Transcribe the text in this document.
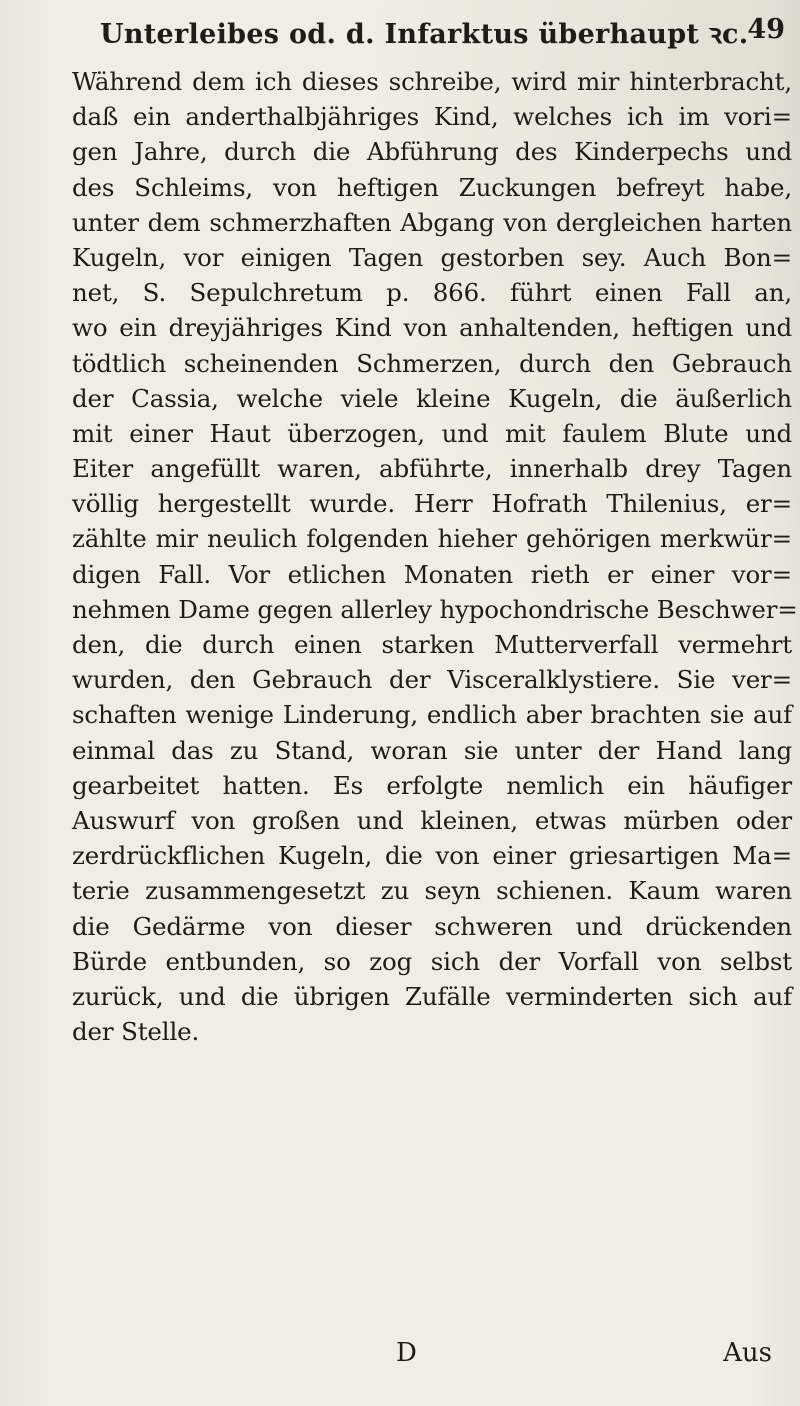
Unterleibes od. d. Infarktus überhaupt ꝛc.
49
Während dem ich dieses schreibe, wird mir hinterbracht,
daß ein anderthalbjähriges Kind, welches ich im vori=
gen Jahre, durch die Abführung des Kinderpechs und
des Schleims, von heftigen Zuckungen befreyt habe,
unter dem schmerzhaften Abgang von dergleichen harten
Kugeln, vor einigen Tagen gestorben sey. Auch Bon=
net, S. Sepulchretum p. 866. führt einen Fall an,
wo ein dreyjähriges Kind von anhaltenden, heftigen und
tödtlich scheinenden Schmerzen, durch den Gebrauch
der Cassia, welche viele kleine Kugeln, die äußerlich
mit einer Haut überzogen, und mit faulem Blute und
Eiter angefüllt waren, abführte, innerhalb drey Tagen
völlig hergestellt wurde. Herr Hofrath Thilenius, er=
zählte mir neulich folgenden hieher gehörigen merkwür=
digen Fall. Vor etlichen Monaten rieth er einer vor=
nehmen Dame gegen allerley hypochondrische Beschwer=
den, die durch einen starken Mutterverfall vermehrt
wurden, den Gebrauch der Visceralklystiere. Sie ver=
schaften wenige Linderung, endlich aber brachten sie auf
einmal das zu Stand, woran sie unter der Hand lang
gearbeitet hatten. Es erfolgte nemlich ein häufiger
Auswurf von großen und kleinen, etwas mürben oder
zerdrückflichen Kugeln, die von einer griesartigen Ma=
terie zusammengesetzt zu seyn schienen. Kaum waren
die Gedärme von dieser schweren und drückenden
Bürde entbunden, so zog sich der Vorfall von selbst
zurück, und die übrigen Zufälle verminderten sich auf
der Stelle.
D	Aus
